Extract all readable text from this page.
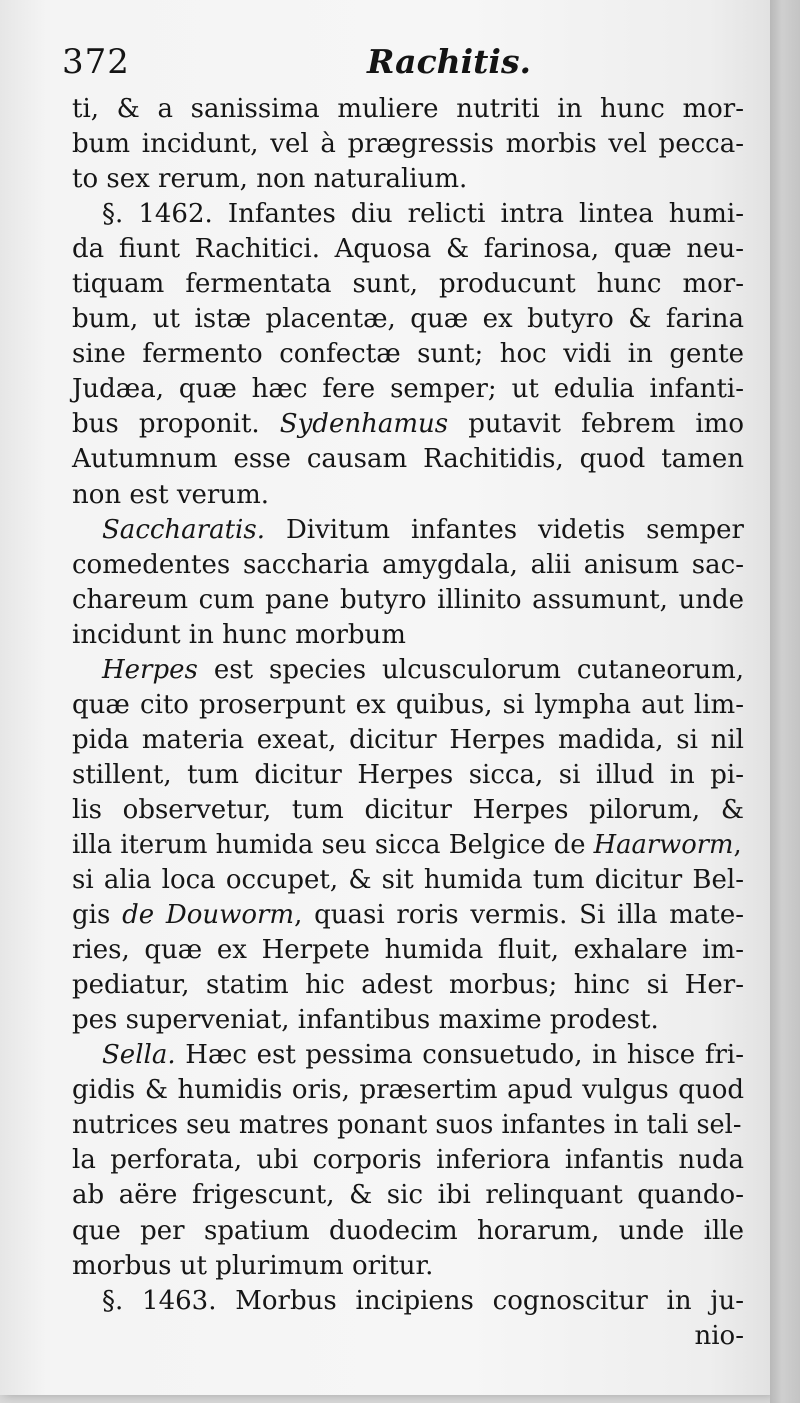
372	Rachitis.
ti, & a sanissima muliere nutriti in hunc mor-
bum incidunt, vel à prægressis morbis vel pecca-
to sex rerum, non naturalium.
§. 1462. Infantes diu relicti intra lintea humi-
da fiunt Rachitici. Aquosa & farinosa, quæ neu-
tiquam fermentata sunt, producunt hunc mor-
bum, ut istæ placentæ, quæ ex butyro & farina
sine fermento confectæ sunt; hoc vidi in gente
Judæa, quæ hæc fere semper; ut edulia infanti-
bus proponit. Sydenhamus putavit febrem imo
Autumnum esse causam Rachitidis, quod tamen
non est verum.
Saccharatis. Divitum infantes videtis semper
comedentes saccharia amygdala, alii anisum sac-
chareum cum pane butyro illinito assumunt, unde
incidunt in hunc morbum
Herpes est species ulcusculorum cutaneorum,
quæ cito proserpunt ex quibus, si lympha aut lim-
pida materia exeat, dicitur Herpes madida, si nil
stillent, tum dicitur Herpes sicca, si illud in pi-
lis observetur, tum dicitur Herpes pilorum, &
illa iterum humida seu sicca Belgice de Haarworm,
si alia loca occupet, & sit humida tum dicitur Bel-
gis de Douworm, quasi roris vermis. Si illa mate-
ries, quæ ex Herpete humida fluit, exhalare im-
pediatur, statim hic adest morbus; hinc si Her-
pes superveniat, infantibus maxime prodest.
Sella. Hæc est pessima consuetudo, in hisce fri-
gidis & humidis oris, præsertim apud vulgus quod
nutrices seu matres ponant suos infantes in tali sel-
la perforata, ubi corporis inferiora infantis nuda
ab aëre frigescunt, & sic ibi relinquant quando-
que per spatium duodecim horarum, unde ille
morbus ut plurimum oritur.
§. 1463. Morbus incipiens cognoscitur in ju-
nio-
